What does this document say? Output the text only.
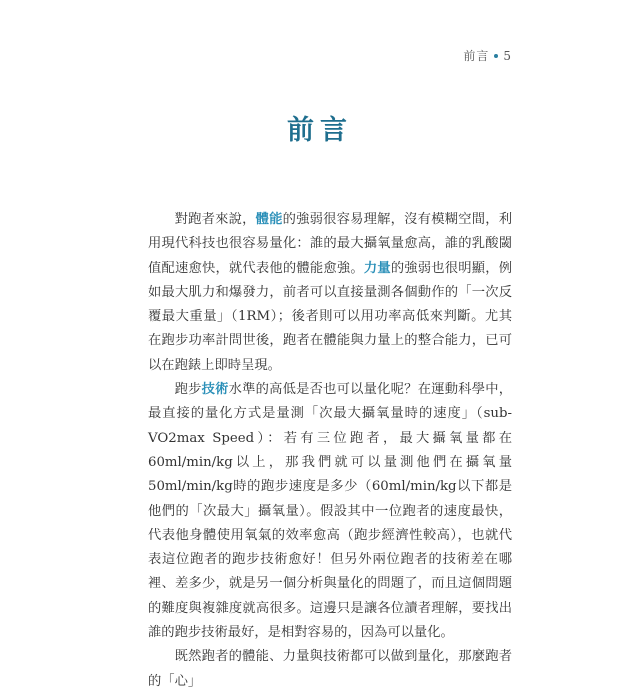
前言 5
前言

對跑者來說，體能的強弱很容易理解，沒有模糊空間，利用現代科技也很容易量化：誰的最大攝氧量愈高，誰的乳酸閾值配速愈快，就代表他的體能愈強。力量的強弱也很明顯，例如最大肌力和爆發力，前者可以直接量測各個動作的「一次反覆最大重量」（1RM）；後者則可以用功率高低來判斷。尤其在跑步功率計問世後，跑者在體能與力量上的整合能力，已可以在跑錶上即時呈現。

跑步技術水準的高低是否也可以量化呢？在運動科學中，最直接的量化方式是量測「次最大攝氧量時的速度」（sub-VO2max Speed）：若有三位跑者，最大攝氧量都在60ml/min/kg以上，那我們就可以量測他們在攝氧量50ml/min/kg時的跑步速度是多少（60ml/min/kg以下都是他們的「次最大」攝氧量）。假設其中一位跑者的速度最快，代表他身體使用氧氣的效率愈高（跑步經濟性較高），也就代表這位跑者的跑步技術愈好！但另外兩位跑者的技術差在哪裡、差多少，就是另一個分析與量化的問題了，而且這個問題的難度與複雜度就高很多。這邊只是讓各位讀者理解，要找出誰的跑步技術最好，是相對容易的，因為可以量化。

既然跑者的體能、力量與技術都可以做到量化，那麼跑者的「心」
